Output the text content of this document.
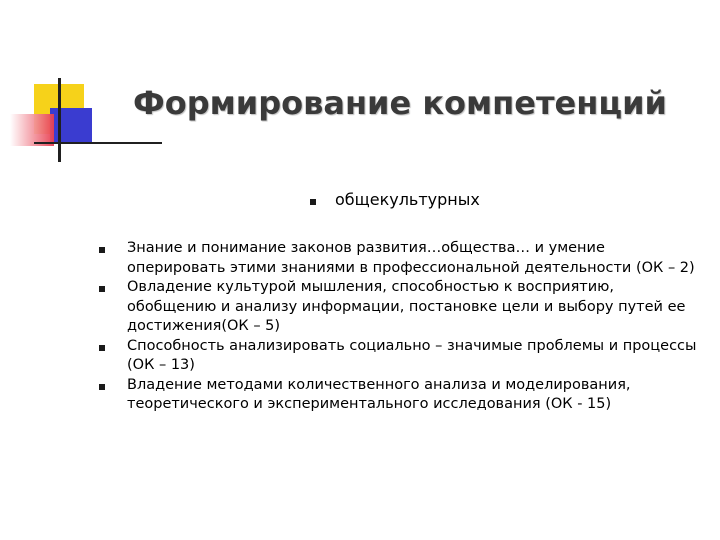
Формирование компетенций
общекультурных
Знание и понимание законов развития…общества… и умение оперировать этими знаниями в профессиональной деятельности (ОК – 2)
Овладение культурой мышления, способностью к восприятию, обобщению и анализу информации, постановке цели и выбору путей ее достижения(ОК – 5)
Способность анализировать социально – значимые проблемы и процессы (ОК – 13)
Владение методами количественного анализа и моделирования, теоретического и экспериментального исследования (ОК - 15)
